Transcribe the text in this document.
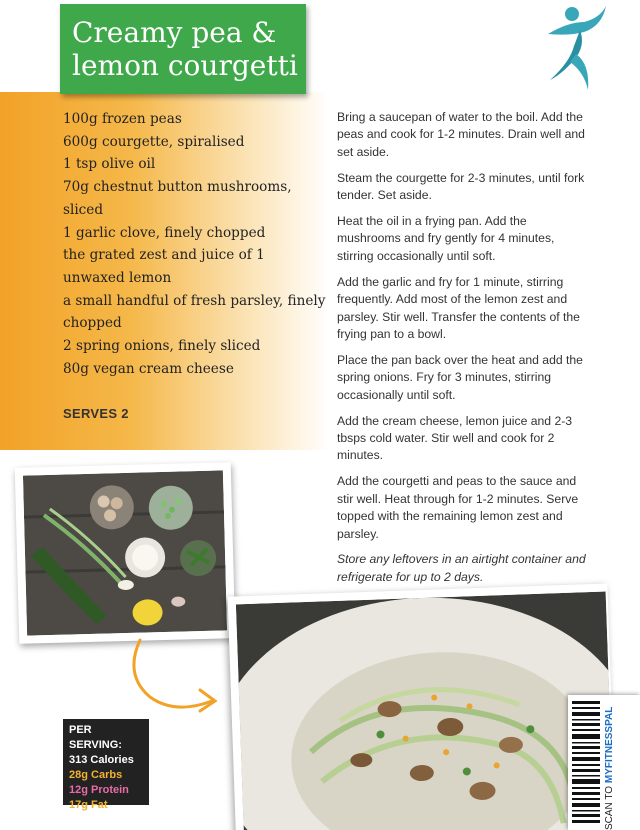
Creamy pea &
lemon courgetti
100g frozen peas
600g courgette, spiralised
1 tsp olive oil
70g chestnut button mushrooms, sliced
1 garlic clove, finely chopped
the grated zest and juice of 1 unwaxed lemon
a small handful of fresh parsley, finely chopped
2 spring onions, finely sliced
80g vegan cream cheese
SERVES 2

Bring a saucepan of water to the boil. Add the peas and cook for 1-2 minutes. Drain well and set aside.

Steam the courgette for 2-3 minutes, until fork tender. Set aside.

Heat the oil in a frying pan. Add the mushrooms and fry gently for 4 minutes, stirring occasionally until soft.

Add the garlic and fry for 1 minute, stirring frequently. Add most of the lemon zest and parsley. Stir well. Transfer the contents of the frying pan to a bowl.

Place the pan back over the heat and add the spring onions. Fry for 3 minutes, stirring occasionally until soft.

Add the cream cheese, lemon juice and 2-3 tbsps cold water. Stir well and cook for 2 minutes.

Add the courgetti and peas to the sauce and stir well. Heat through for 1-2 minutes. Serve topped with the remaining lemon zest and parsley.

Store any leftovers in an airtight container and refrigerate for up to 2 days.

PER SERVING:
313 Calories
28g Carbs
12g Protein
17g Fat	SCAN TO MYFITNESSPAL
